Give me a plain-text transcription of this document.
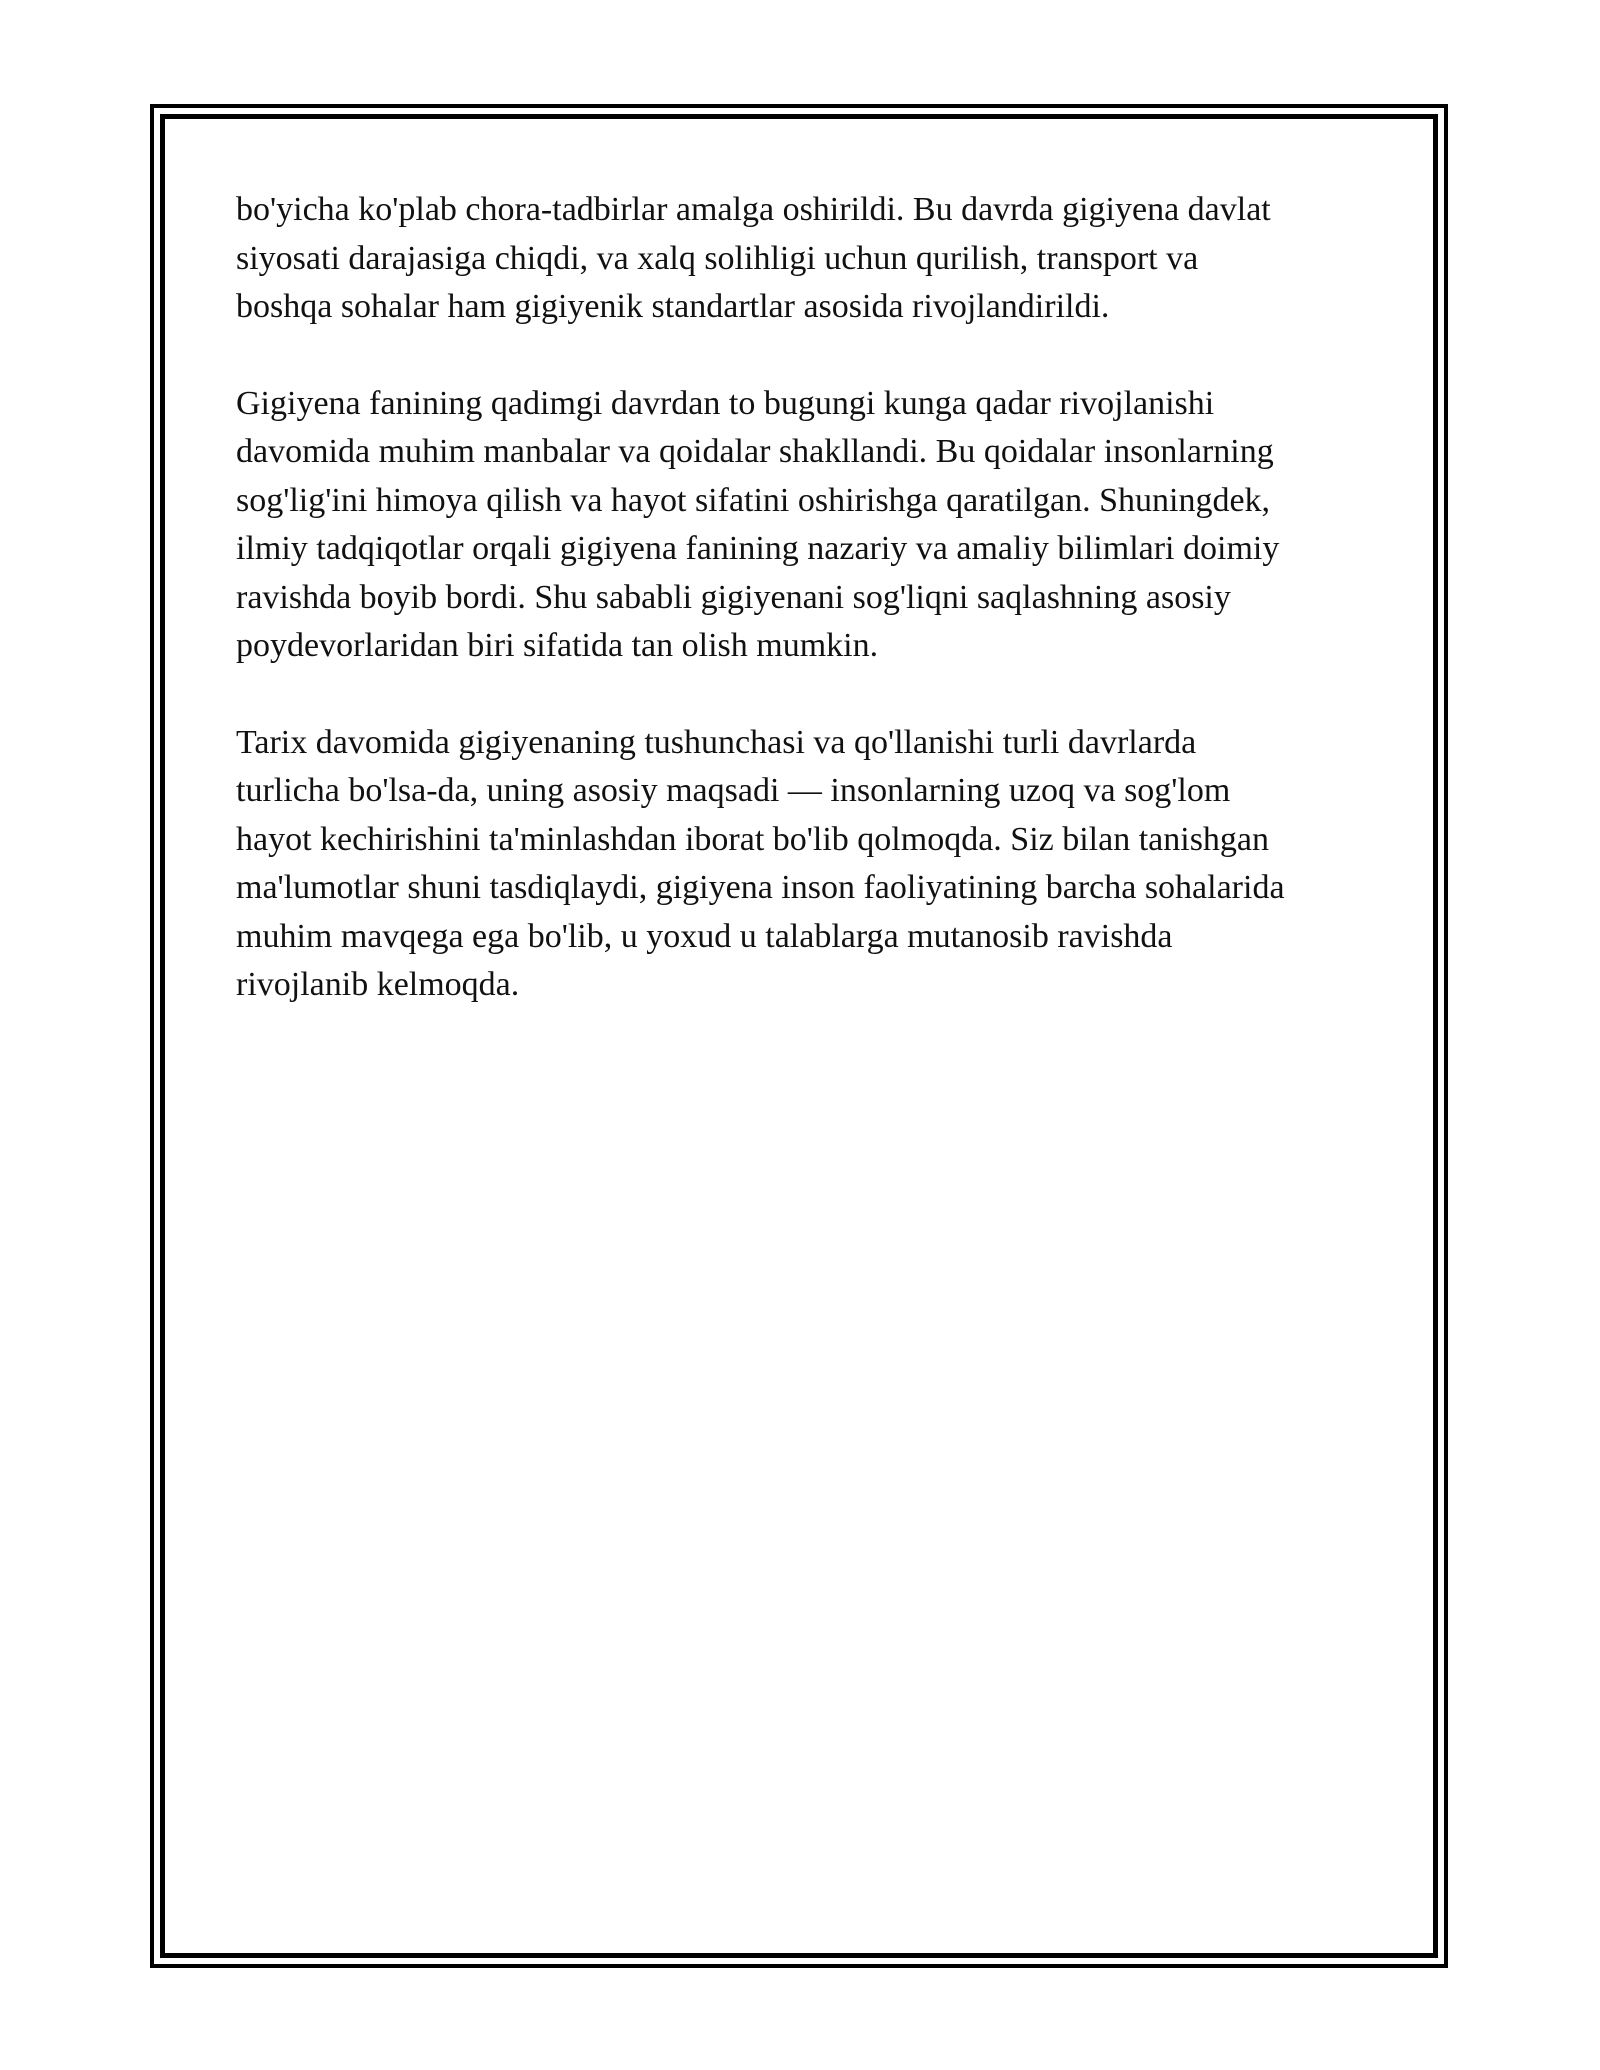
bo'yicha ko'plab chora-tadbirlar amalga oshirildi. Bu davrda gigiyena davlat
siyosati darajasiga chiqdi, va xalq solihligi uchun qurilish, transport va
boshqa sohalar ham gigiyenik standartlar asosida rivojlandirildi.

Gigiyena fanining qadimgi davrdan to bugungi kunga qadar rivojlanishi
davomida muhim manbalar va qoidalar shakllandi. Bu qoidalar insonlarning
sog'lig'ini himoya qilish va hayot sifatini oshirishga qaratilgan. Shuningdek,
ilmiy tadqiqotlar orqali gigiyena fanining nazariy va amaliy bilimlari doimiy
ravishda boyib bordi. Shu sababli gigiyenani sog'liqni saqlashning asosiy
poydevorlaridan biri sifatida tan olish mumkin.

Tarix davomida gigiyenaning tushunchasi va qo'llanishi turli davrlarda
turlicha bo'lsa-da, uning asosiy maqsadi — insonlarning uzoq va sog'lom
hayot kechirishini ta'minlashdan iborat bo'lib qolmoqda. Siz bilan tanishgan
ma'lumotlar shuni tasdiqlaydi, gigiyena inson faoliyatining barcha sohalarida
muhim mavqega ega bo'lib, u yoxud u talablarga mutanosib ravishda
rivojlanib kelmoqda.
